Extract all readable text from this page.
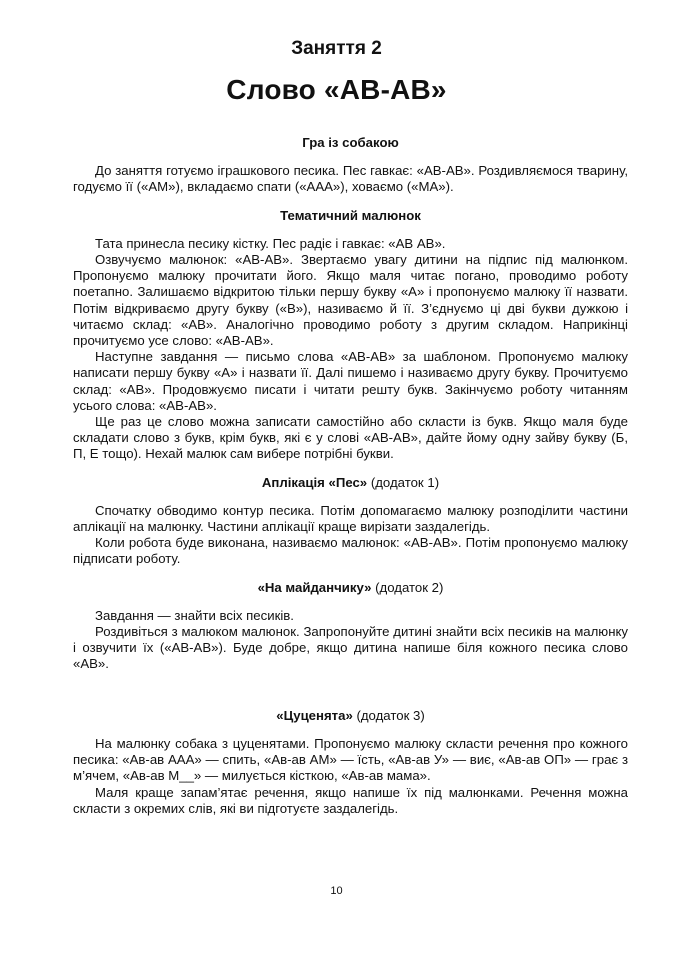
Заняття 2
Слово «АВ-АВ»
Гра із собакою

До заняття готуємо іграшкового песика. Пес гавкає: «АВ-АВ». Роздивляємося тварину, годуємо її («АМ»), вкладаємо спати («ААА»), ховаємо («МА»).

Тематичний малюнок

Тата принесла песику кістку. Пес радіє і гавкає: «АВ АВ».

Озвучуємо малюнок: «АВ-АВ». Звертаємо увагу дитини на підпис під малюнком. Пропонуємо малюку прочитати його. Якщо маля читає погано, проводимо роботу поетапно. Залишаємо відкритою тільки першу букву «А» і пропонуємо малюку її назвати. Потім відкриваємо другу букву («В»), називаємо й її. З’єднуємо ці дві букви дужкою і читаємо склад: «АВ». Аналогічно проводимо роботу з другим складом. Наприкінці прочитуємо усе слово: «АВ-АВ».

Наступне завдання — письмо слова «АВ-АВ» за шаблоном. Пропонуємо малюку написати першу букву «А» і назвати її. Далі пишемо і називаємо другу букву. Прочитуємо склад: «АВ». Продовжуємо писати і читати решту букв. Закінчуємо роботу читанням усього слова: «АВ-АВ».

Ще раз це слово можна записати самостійно або скласти із букв. Якщо маля буде складати слово з букв, крім букв, які є у слові «АВ-АВ», дайте йому одну зайву букву (Б, П, Е тощо). Нехай малюк сам вибере потрібні букви.

Аплікація «Пес» (додаток 1)

Спочатку обводимо контур песика. Потім допомагаємо малюку розподілити частини аплікації на малюнку. Частини аплікації краще вирізати заздалегідь.

Коли робота буде виконана, називаємо малюнок: «АВ-АВ». Потім пропонуємо малюку підписати роботу.

«На майданчику» (додаток 2)

Завдання — знайти всіх песиків.

Роздивіться з малюком малюнок. Запропонуйте дитині знайти всіх песиків на малюнку і озвучити їх («АВ-АВ»). Буде добре, якщо дитина напише біля кожного песика слово «АВ».

«Цуценята» (додаток 3)

На малюнку собака з цуценятами. Пропонуємо малюку скласти речення про кожного песика: «Ав-ав ААА» — спить, «Ав-ав АМ» — їсть, «Ав-ав У» — виє, «Ав-ав ОП» — грає з м’ячем, «Ав-ав М__» — милується кісткою, «Ав-ав мама».

Маля краще запам’ятає речення, якщо напише їх під малюнками. Речення можна скласти з окремих слів, які ви підготуєте заздалегідь.

10
